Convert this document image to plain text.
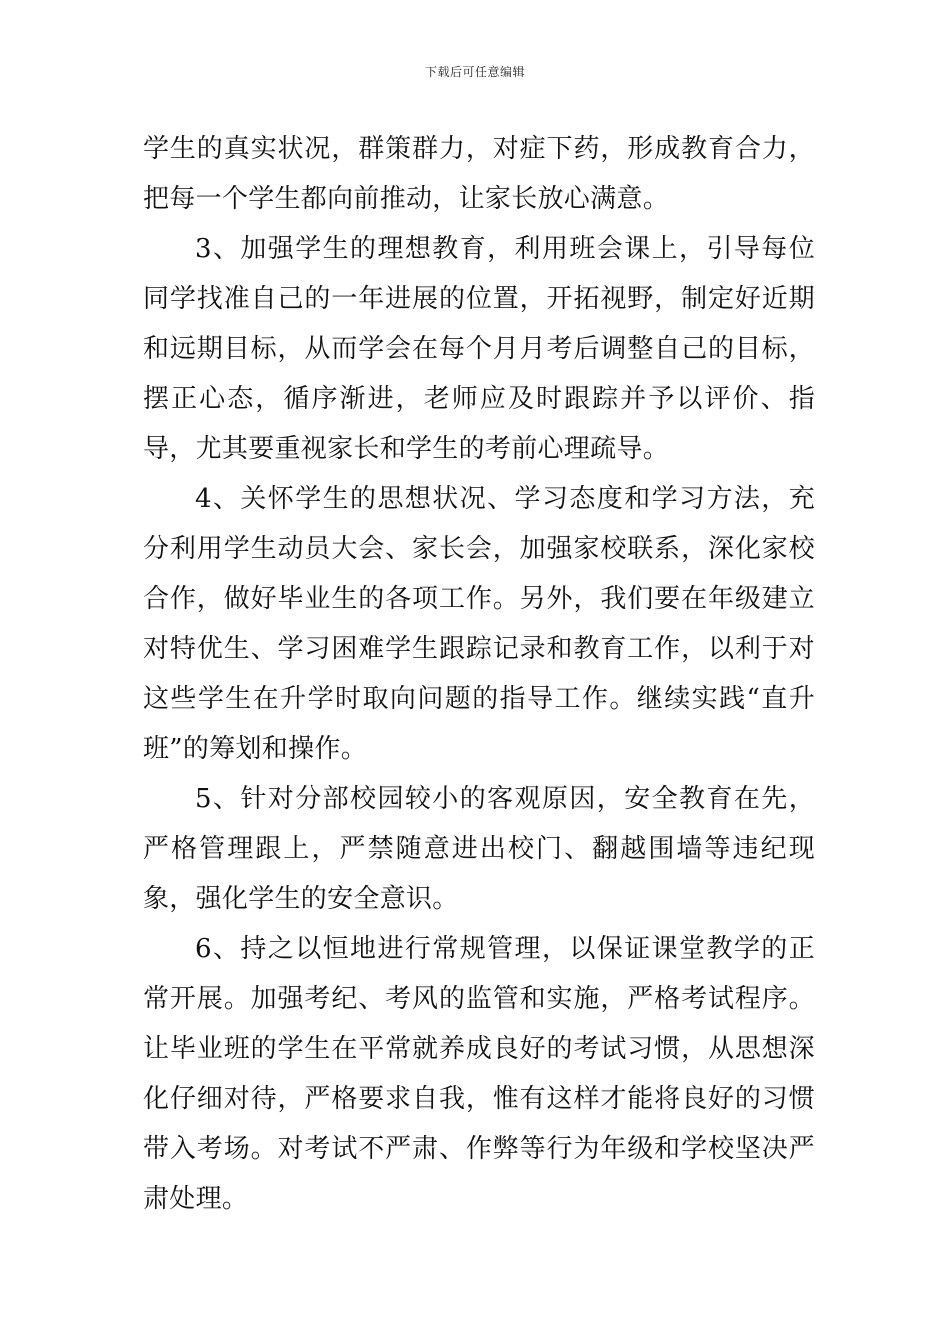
下载后可任意编辑

学生的真实状况，群策群力，对症下药，形成教育合力，把每一个学生都向前推动，让家长放心满意。

3、加强学生的理想教育，利用班会课上，引导每位同学找准自己的一年进展的位置，开拓视野，制定好近期和远期目标，从而学会在每个月月考后调整自己的目标，摆正心态，循序渐进，老师应及时跟踪并予以评价、指导，尤其要重视家长和学生的考前心理疏导。

4、关怀学生的思想状况、学习态度和学习方法，充分利用学生动员大会、家长会，加强家校联系，深化家校合作，做好毕业生的各项工作。另外，我们要在年级建立对特优生、学习困难学生跟踪记录和教育工作，以利于对这些学生在升学时取向问题的指导工作。继续实践“直升班”的筹划和操作。

5、针对分部校园较小的客观原因，安全教育在先，严格管理跟上，严禁随意进出校门、翻越围墙等违纪现象，强化学生的安全意识。

6、持之以恒地进行常规管理，以保证课堂教学的正常开展。加强考纪、考风的监管和实施，严格考试程序。让毕业班的学生在平常就养成良好的考试习惯，从思想深化仔细对待，严格要求自我，惟有这样才能将良好的习惯带入考场。对考试不严肃、作弊等行为年级和学校坚决严肃处理。
